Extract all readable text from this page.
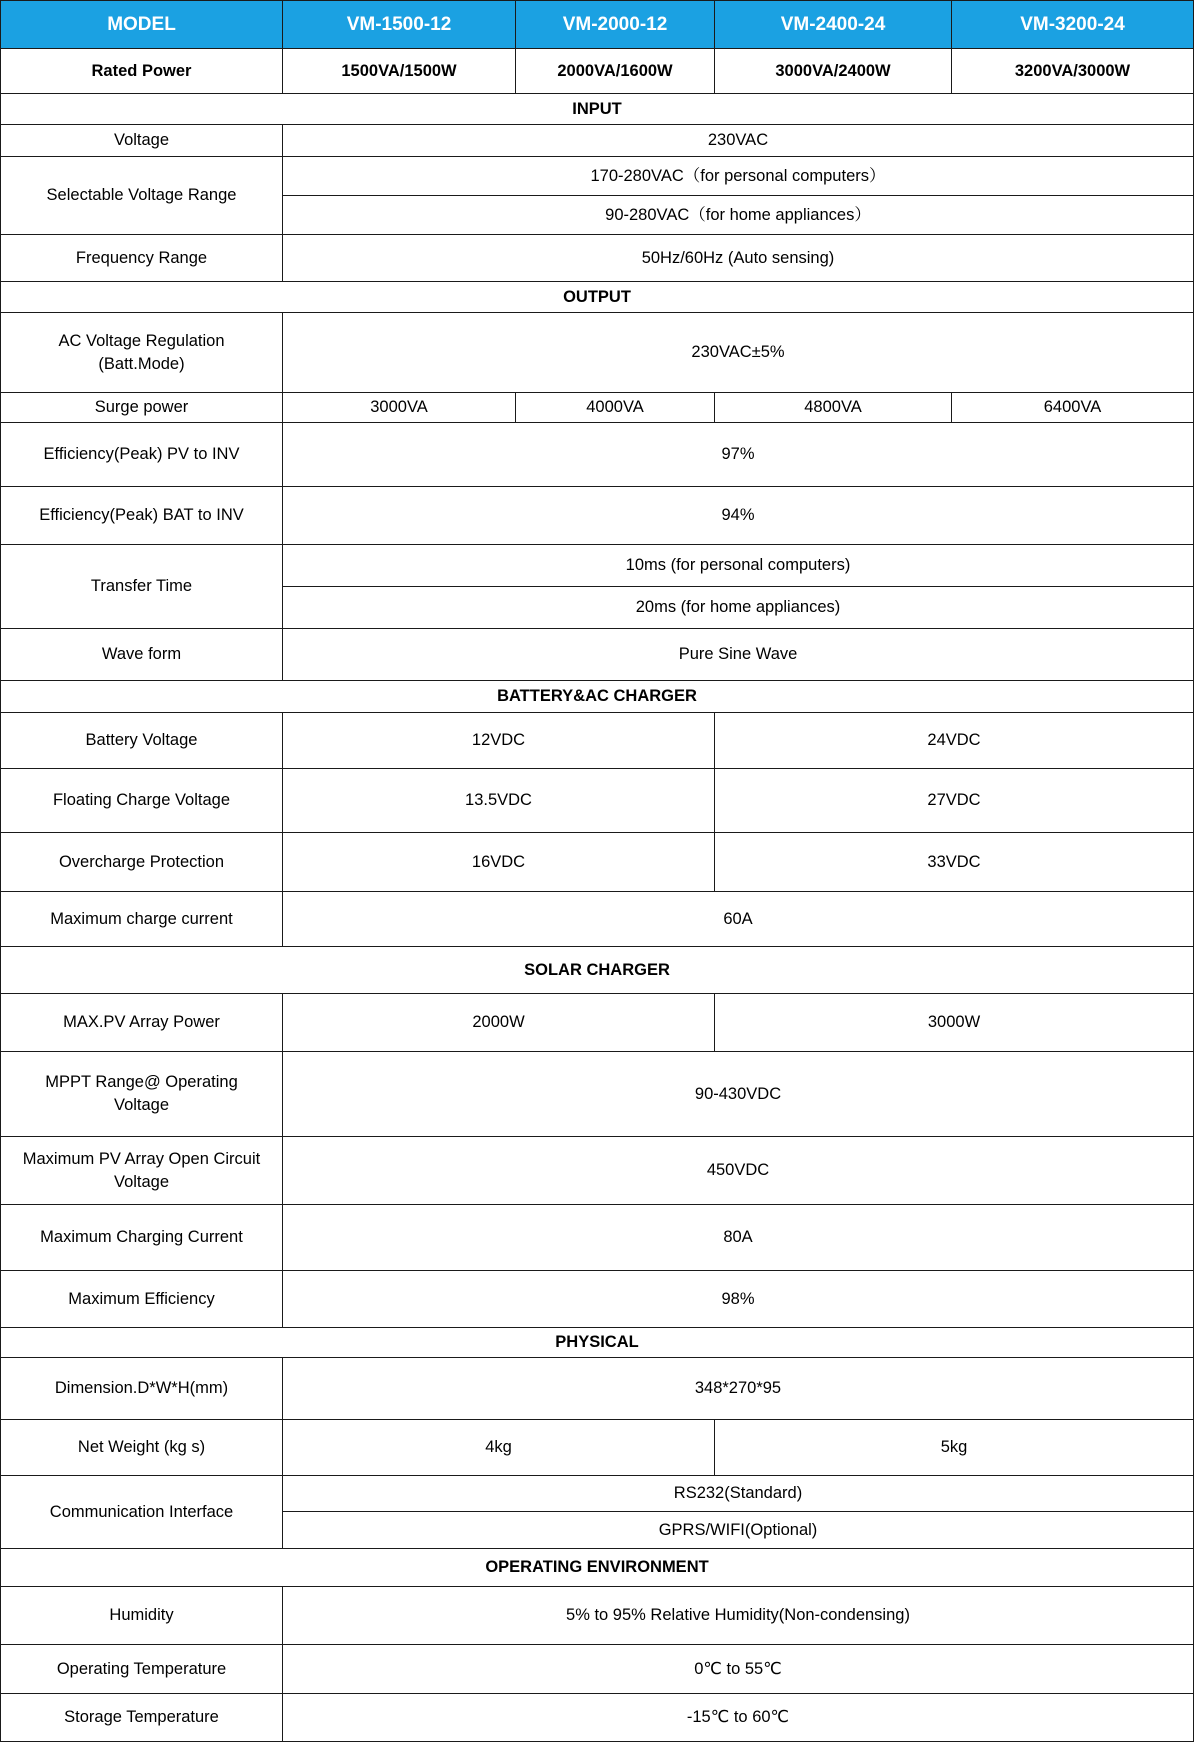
MODEL	VM-1500-12	VM-2000-12	VM-2400-24	VM-3200-24
Rated Power	1500VA/1500W	2000VA/1600W	3000VA/2400W	3200VA/3000W
INPUT				
Voltage	230VAC			
Selectable Voltage Range	170-280VAC（for personal computers）			
	90-280VAC（for home appliances）			
Frequency Range	50Hz/60Hz (Auto sensing)			
OUTPUT				
AC Voltage Regulation
(Batt.Mode)	230VAC±5%			
Surge power	3000VA	4000VA	4800VA	6400VA
Efficiency(Peak) PV to INV	97%			
Efficiency(Peak) BAT to INV	94%			
Transfer Time	10ms (for personal computers)			
	20ms (for home appliances)			
Wave form	Pure Sine Wave			
BATTERY&AC CHARGER				
Battery Voltage	12VDC		24VDC	
Floating Charge Voltage	13.5VDC		27VDC	
Overcharge Protection	16VDC		33VDC	
Maximum charge current	60A			
SOLAR CHARGER				
MAX.PV Array Power	2000W		3000W	
MPPT Range@ Operating
Voltage	90-430VDC			
Maximum PV Array Open Circuit
Voltage	450VDC			
Maximum Charging Current	80A			
Maximum Efficiency	98%			
PHYSICAL				
Dimension.D*W*H(mm)	348*270*95			
Net Weight (kg s)	4kg		5kg	
Communication Interface	RS232(Standard)			
	GPRS/WIFI(Optional)			
OPERATING ENVIRONMENT				
Humidity	5% to 95% Relative Humidity(Non-condensing)			
Operating Temperature	0℃ to 55℃			
Storage Temperature	-15℃ to 60℃			
